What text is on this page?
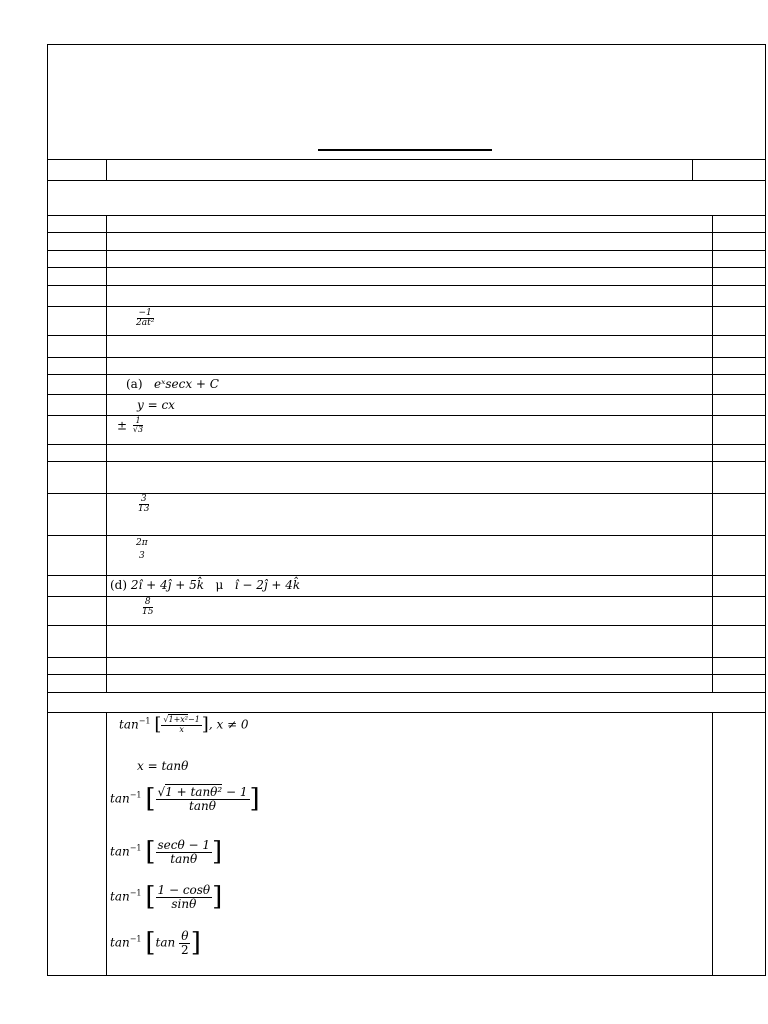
$\frac{-1}{\text{2at²}}$
(a) eˣsecx + C
y = cx
± $\frac{1}{√3}$
$\frac{3}{13}$
2π
3
(d) 2î + 4ĵ + 5k̂ μ î − 2ĵ + 4k̂
$\frac{8}{15}$
$\tan^{-1}$ [ $\frac{\text{√1+x²−1}}{x}$ ], x ≠ 0
x = tanθ
$\tan^{-1}$ [ $\frac{\text{√1 + tanθ² − 1}}{\tan\theta}$ ]
$\tan^{-1}$ [ $\frac{\sec\theta - 1}{\tan\theta}$ ]
$\tan^{-1}$ [ $\frac{1 - \cos\theta}{\sin\theta}$ ]
$\tan^{-1} [\tan \frac{\theta}{2}$ ]
